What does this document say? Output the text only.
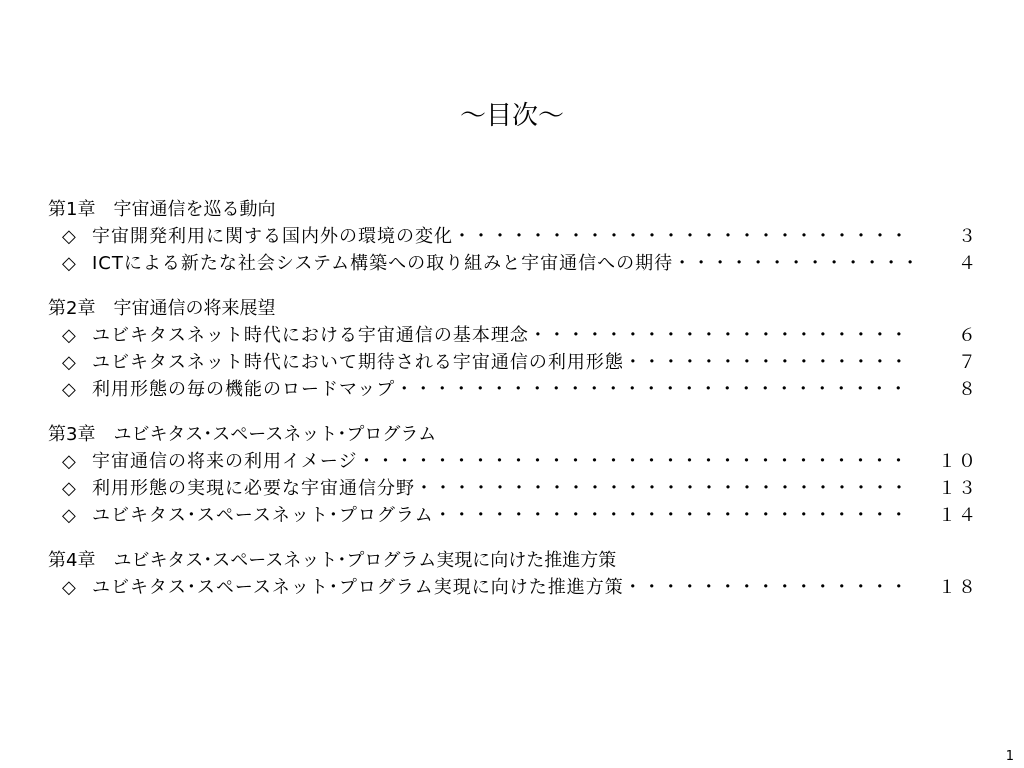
～目次～
第1章　宇宙通信を巡る動向
◇ 宇宙開発利用に関する国内外の環境の変化 ・・・・・・・・・・・・・・・・・・・・・・・・・・・・・・・・・・・・・・・・・・・・・・・・・・・・・・・・・・・・・・・・・・・・・・・・・・・・・・・・	３
◇ ICTによる新たな社会システム構築への取り組みと宇宙通信への期待 ・・・・・・・・・・・・・・・・・・・・・・・・・・・・・・・・・・・・・・・・・・・・・・・・・・・・・・・・・・・・・・・・・・・・・・・・・・・・・・・・	４
第2章　宇宙通信の将来展望
◇ ユビキタスネット時代における宇宙通信の基本理念 ・・・・・・・・・・・・・・・・・・・・・・・・・・・・・・・・・・・・・・・・・・・・・・・・・・・・・・・・・・・・・・・・・・・・・・・・・・・・・・・・	６
◇ ユビキタスネット時代において期待される宇宙通信の利用形態 ・・・・・・・・・・・・・・・・・・・・・・・・・・・・・・・・・・・・・・・・・・・・・・・・・・・・・・・・・・・・・・・・・・・・・・・・・・・・・・・・	７
◇ 利用形態の毎の機能のロードマップ ・・・・・・・・・・・・・・・・・・・・・・・・・・・・・・・・・・・・・・・・・・・・・・・・・・・・・・・・・・・・・・・・・・・・・・・・・・・・・・・・	８
第3章　ユビキタス･スペースネット･プログラム
◇ 宇宙通信の将来の利用イメージ ・・・・・・・・・・・・・・・・・・・・・・・・・・・・・・・・・・・・・・・・・・・・・・・・・・・・・・・・・・・・・・・・・・・・・・・・・・・・・・・・	１０
◇ 利用形態の実現に必要な宇宙通信分野 ・・・・・・・・・・・・・・・・・・・・・・・・・・・・・・・・・・・・・・・・・・・・・・・・・・・・・・・・・・・・・・・・・・・・・・・・・・・・・・・・	１３
◇ ユビキタス･スペースネット･プログラム ・・・・・・・・・・・・・・・・・・・・・・・・・・・・・・・・・・・・・・・・・・・・・・・・・・・・・・・・・・・・・・・・・・・・・・・・・・・・・・・・	１４
第4章　ユビキタス･スペースネット･プログラム実現に向けた推進方策
◇ ユビキタス･スペースネット･プログラム実現に向けた推進方策 ・・・・・・・・・・・・・・・・・・・・・・・・・・・・・・・・・・・・・・・・・・・・・・・・・・・・・・・・・・・・・・・・・・・・・・・・・・・・・・・・	１８
1
